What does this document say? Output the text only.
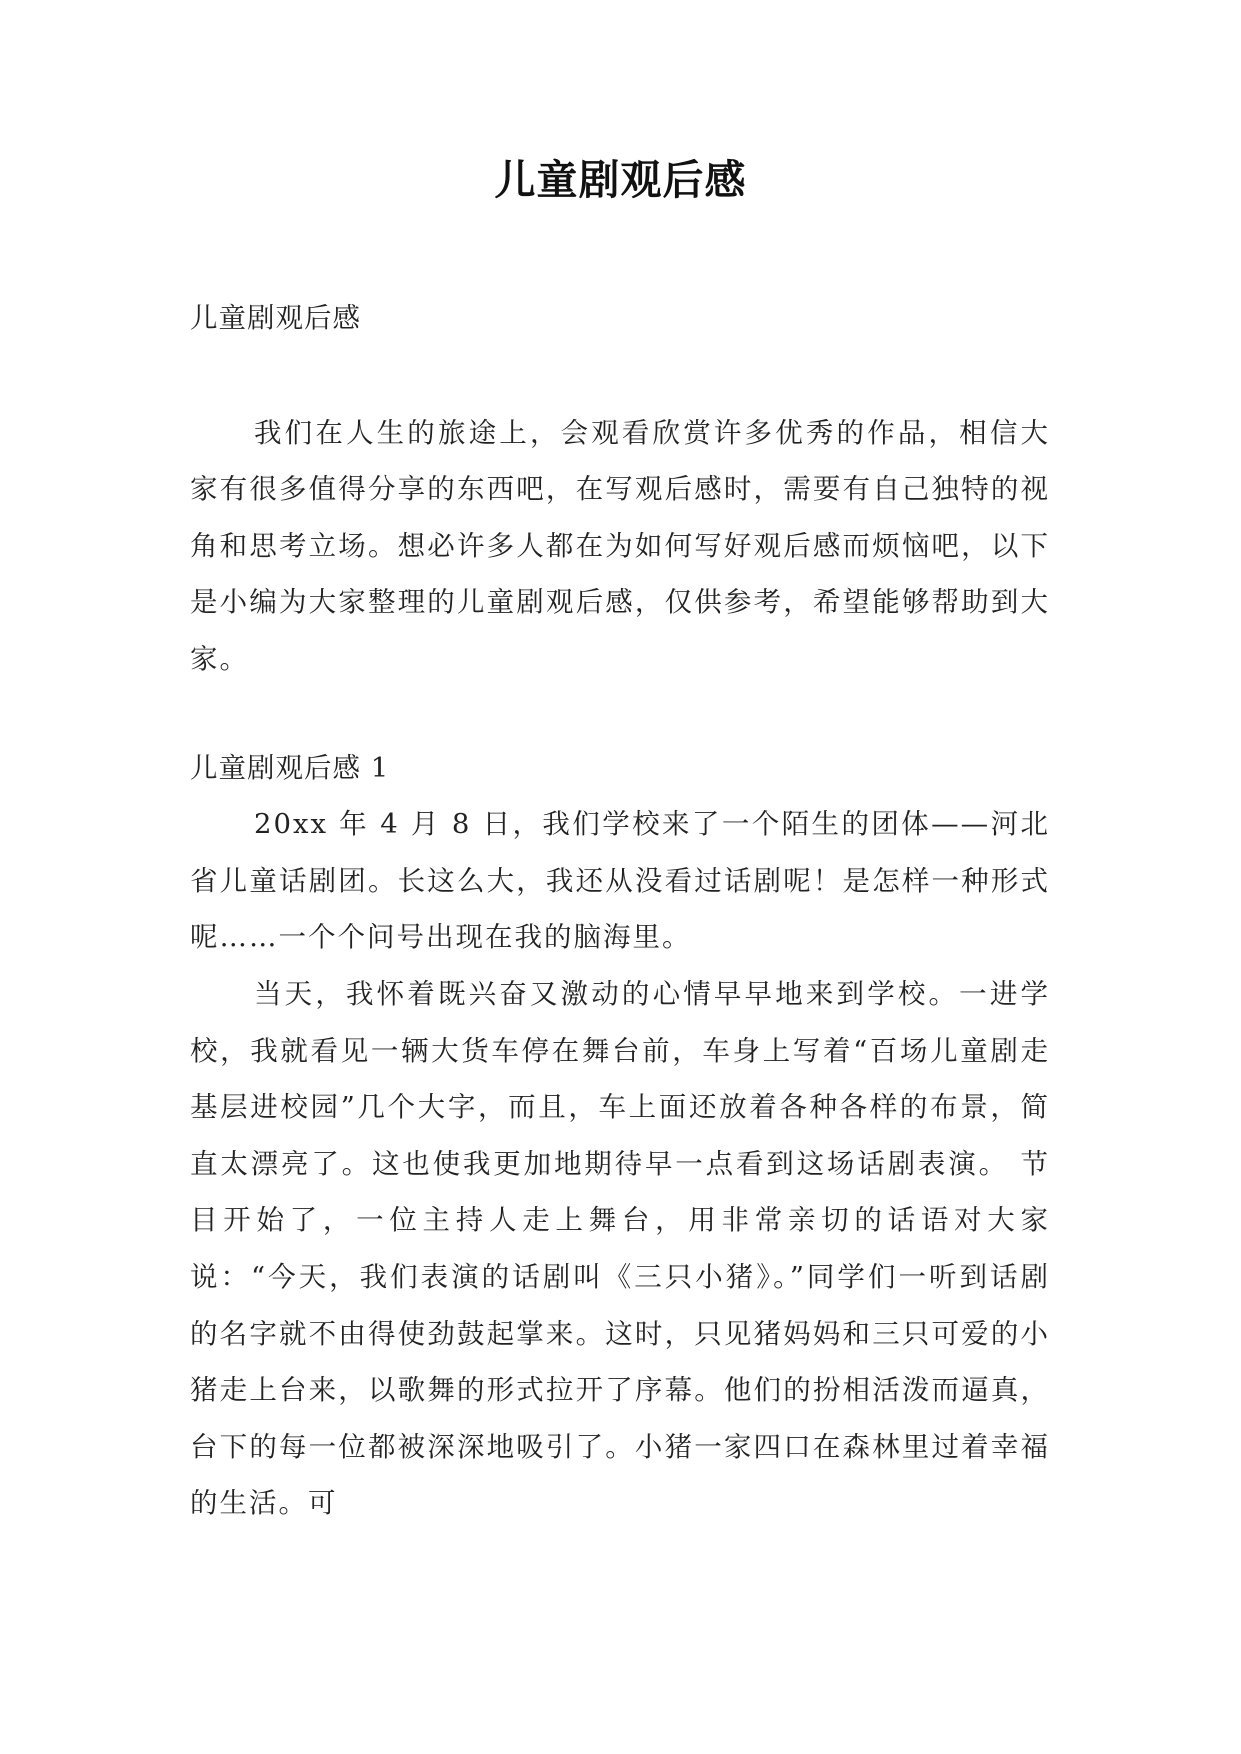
儿童剧观后感

儿童剧观后感

我们在人生的旅途上，会观看欣赏许多优秀的作品，相信大家有很多值得分享的东西吧，在写观后感时，需要有自己独特的视角和思考立场。想必许多人都在为如何写好观后感而烦恼吧，以下是小编为大家整理的儿童剧观后感，仅供参考，希望能够帮助到大家。

儿童剧观后感 1

20xx 年 4 月 8 日，我们学校来了一个陌生的团体——河北省儿童话剧团。长这么大，我还从没看过话剧呢！是怎样一种形式呢……一个个问号出现在我的脑海里。

当天，我怀着既兴奋又激动的心情早早地来到学校。一进学校，我就看见一辆大货车停在舞台前，车身上写着“百场儿童剧走基层进校园”几个大字，而且，车上面还放着各种各样的布景，简直太漂亮了。这也使我更加地期待早一点看到这场话剧表演。 节目开始了，一位主持人走上舞台，用非常亲切的话语对大家说：“今天，我们表演的话剧叫《三只小猪》。”同学们一听到话剧的名字就不由得使劲鼓起掌来。这时，只见猪妈妈和三只可爱的小猪走上台来，以歌舞的形式拉开了序幕。他们的扮相活泼而逼真，台下的每一位都被深深地吸引了。小猪一家四口在森林里过着幸福的生活。可
